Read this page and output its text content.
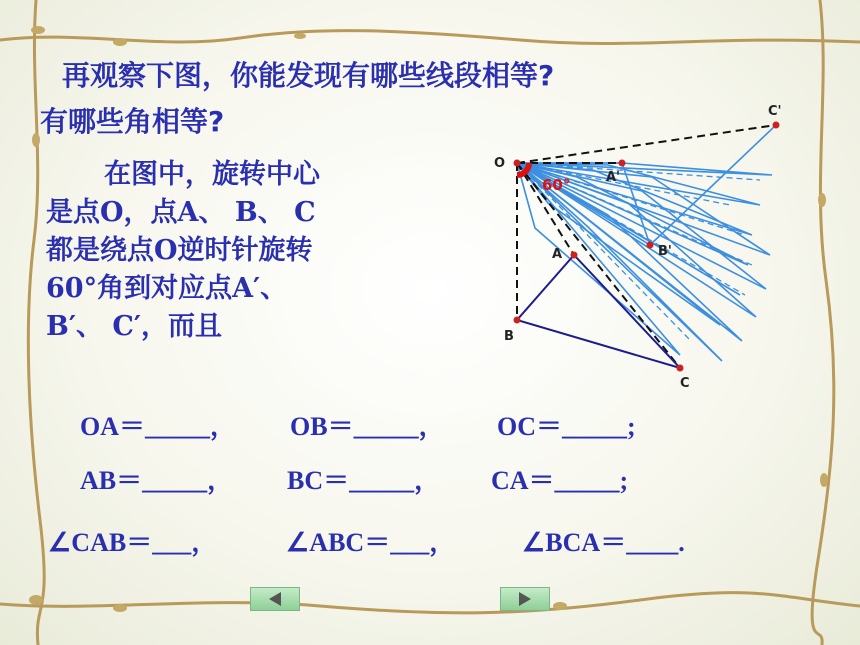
再观察下图，你能发现有哪些线段相等?
有哪些角相等?
在图中，旋转中心
是点O，点A、 B、 C
都是绕点O逆时针旋转
60°角到对应点A′、
B′、 C′，而且
OA＝_____， OB＝_____， OC＝_____;
AB＝_____， BC＝_____， CA＝_____;
∠CAB＝___，	∠ABC＝___，	∠BCA＝____.
60°
O
A
B
C
A'
B'
C'
